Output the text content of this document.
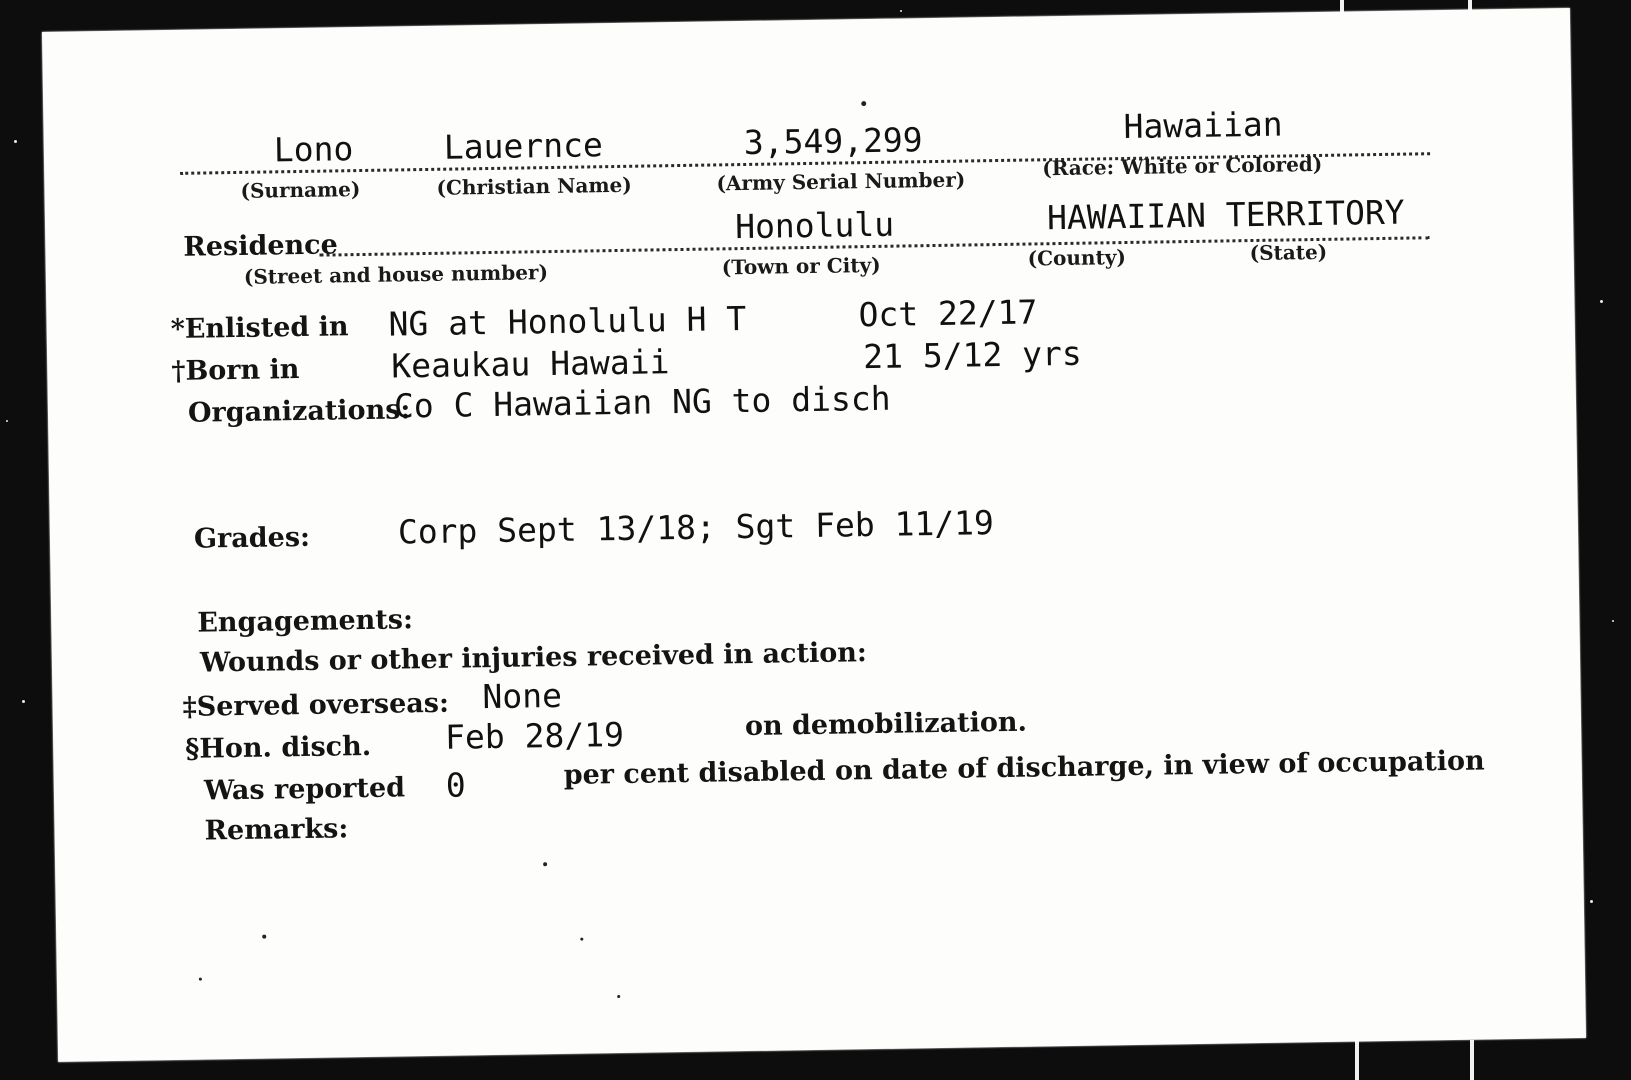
Lono
(Surname)
Lauernce
(Christian Name)
3,549,299
(Army Serial Number)
Hawaiian
(Race: White or Colored)
Residence
(Street and house number)
Honolulu
(Town or City)
HAWAIIAN TERRITORY
(County)	(State)
*Enlisted in NG at Honolulu H T	Oct 22/17
†Born in	Keaukau Hawaii	21 5/12 yrs
Organizations:
Co C Hawaiian NG to disch
Grades:	Corp Sept 13/18; Sgt Feb 11/19
Engagements:
Wounds or other injuries received in action:
‡Served overseas: None
§Hon. disch. Feb 28/19	on demobilization.
Was reported 0	per cent disabled on date of discharge, in view of occupation
Remarks:
